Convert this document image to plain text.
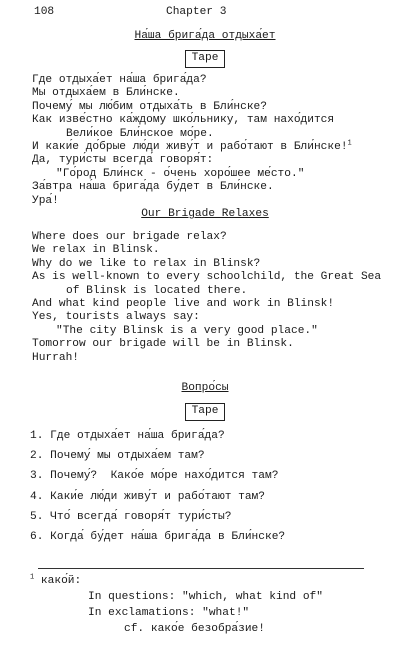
108	Chapter 3
На́ша брига́да отдыха́ет
Tape
Где отдыха́ет на́ша брига́да?
Мы отдыха́ем в Бли́нске.
Почему́ мы лю́бим отдыха́ть в Бли́нске?
Как изве́стно ка́ждому шко́льнику, там нахо́дится
Вели́кое Бли́нское мо́ре.
И каки́е до́брые лю́ди живу́т и рабо́тают в Бли́нске!$^1$
Да, тури́сты всегда́ говоря́т:
"Го́род Бли́нск - о́чень хоро́шее ме́сто."
За́втра на́ша брига́да бу́дет в Бли́нске.
Ура́!
Our Brigade Relaxes
Where does our brigade relax?
We relax in Blinsk.
Why do we like to relax in Blinsk?
As is well-known to every schoolchild, the Great Sea
of Blinsk is located there.
And what kind people live and work in Blinsk!
Yes, tourists always say:
"The city Blinsk is a very good place."
Tomorrow our brigade will be in Blinsk.
Hurrah!
Вопро́сы
Tape
1. Где отдыха́ет на́ша брига́да?
2. Почему́ мы отдыха́ем там?
3. Почему́?  Како́е мо́ре нахо́дится там?
4. Каки́е лю́ди живу́т и рабо́тают там?
5. Что́ всегда́ говоря́т тури́сты?
6. Когда́ бу́дет на́ша брига́да в Бли́нске?
$^1$ како́й:
In questions: "which, what kind of"
In exclamations: "what!"
cf. како́е безобра́зие!
